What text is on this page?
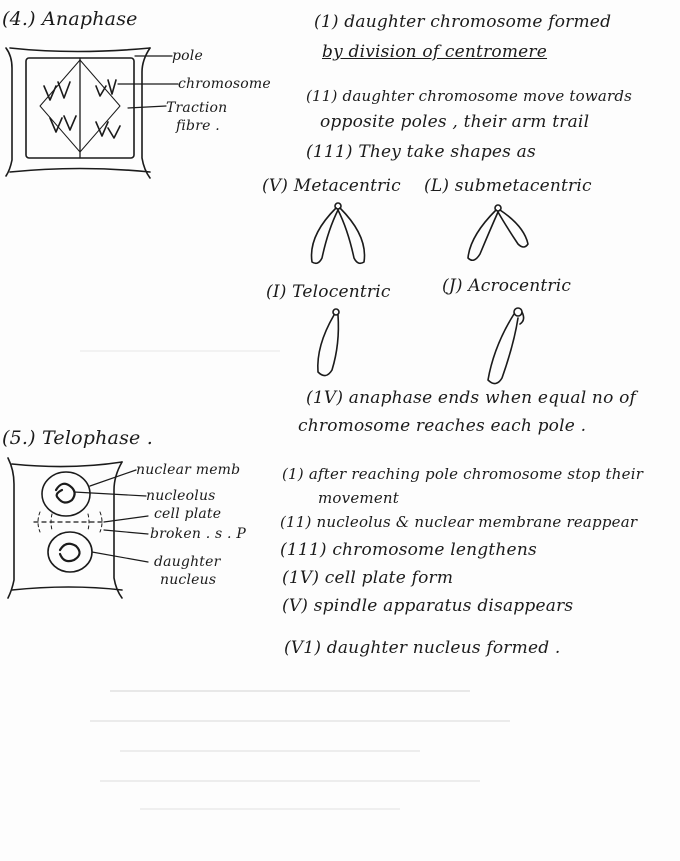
(4.) Anaphase
pole
chromosome
Traction
fibre .
(1) daughter chromosome formed
by division of centromere
(11) daughter chromosome move towards
opposite poles , their arm trail
(111) They take shapes as
(V) Metacentric (L) submetacentric
(I) Telocentric	(J) Acrocentric
(1V) anaphase ends when equal no of
chromosome reaches each pole .
(5.) Telophase .
nuclear memb
nucleolus
cell plate
broken . s . P
daughter
nucleus
(1) after reaching pole chromosome stop their
movement
(11) nucleolus & nuclear membrane reappear
(111) chromosome lengthens
(1V) cell plate form
(V) spindle apparatus disappears
(V1) daughter nucleus formed .
